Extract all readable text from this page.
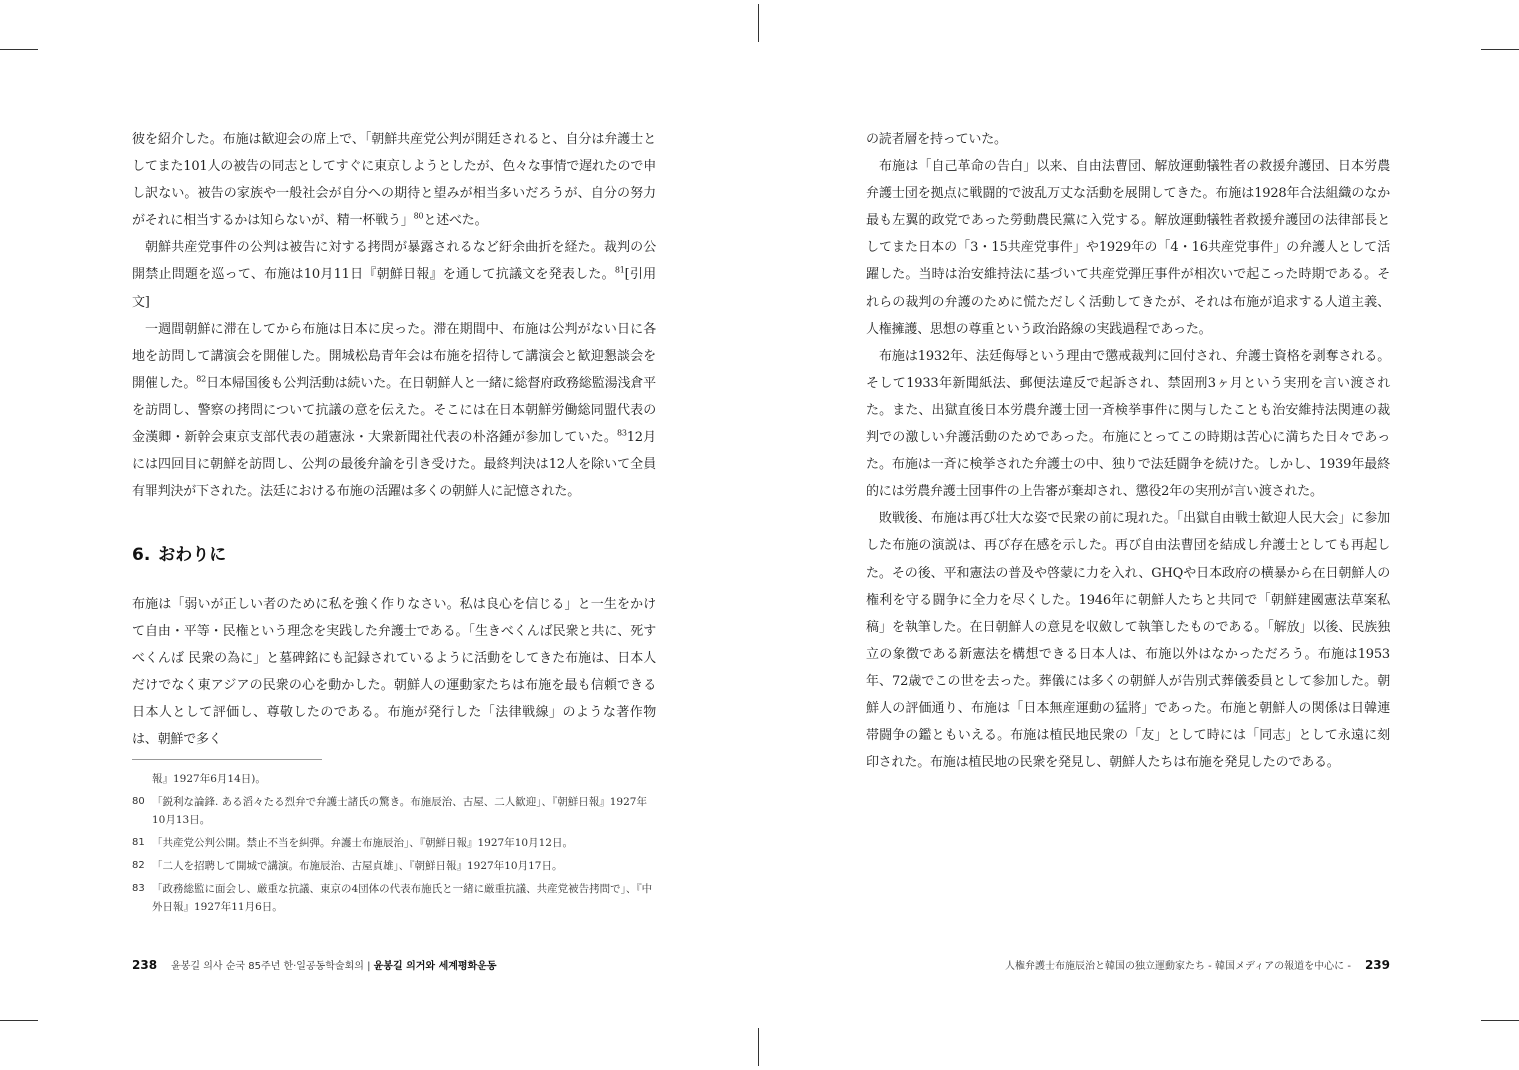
彼を紹介した。布施は歓迎会の席上で、「朝鮮共産党公判が開廷されると、自分は弁護士としてまた101人の被告の同志としてすぐに東京しようとしたが、色々な事情で遅れたので申し訳ない。被告の家族や一般社会が自分への期待と望みが相当多いだろうが、自分の努力がそれに相当するかは知らないが、精一杯戦う」$^{80}$と述べた。

朝鮮共産党事件の公判は被告に対する拷問が暴露されるなど紆余曲折を経た。裁判の公開禁止問題を巡って、布施は10月11日『朝鮮日報』を通して抗議文を発表した。$^{81}$[引用文]

一週間朝鮮に滞在してから布施は日本に戻った。滞在期間中、布施は公判がない日に各地を訪問して講演会を開催した。開城松島青年会は布施を招待して講演会と歓迎懇談会を開催した。$^{82}$日本帰国後も公判活動は続いた。在日朝鮮人と一緒に総督府政務総監湯浅倉平を訪問し、警察の拷問について抗議の意を伝えた。そこには在日本朝鮮労働総同盟代表の金漢卿・新幹会東京支部代表の趙憲泳・大衆新聞社代表の朴洛鍾が参加していた。$^{83}$12月には四回目に朝鮮を訪問し、公判の最後弁論を引き受けた。最終判決は12人を除いて全員有罪判決が下された。法廷における布施の活躍は多くの朝鮮人に記憶された。

6. おわりに

布施は「弱いが正しい者のために私を強く作りなさい。私は良心を信じる」と一生をかけて自由・平等・民権という理念を実践した弁護士である。「生きべくんば民衆と共に、死すべくんば 民衆の為に」と墓碑銘にも記録されているように活動をしてきた布施は、日本人だけでなく東アジアの民衆の心を動かした。朝鮮人の運動家たちは布施を最も信頼できる日本人として評価し、尊敬したのである。布施が発行した「法律戦線」のような著作物は、朝鮮で多く

報』1927年6月14日)。
80 「鋭利な論鋒. ある滔々たる烈弁で弁護士諸氏の驚き。布施辰治、古屋、二人歓迎」、『朝鮮日報』1927年10月13日。
81 「共産党公判公開。禁止不当を糾弾。弁護士布施辰治」、『朝鮮日報』1927年10月12日。
82 「二人を招聘して開城で講演。布施辰治、古屋貞雄」、『朝鮮日報』1927年10月17日。
83 「政務総監に面会し、厳重な抗議、東京の4団体の代表布施氏と一緒に厳重抗議、共産党被告拷問で」、『中外日報』1927年11月6日。
238 윤봉길 의사 순국 85주년 한·일공동학술회의 | 윤봉길 의거와 세계평화운동

の読者層を持っていた。

布施は「自己革命の告白」以来、自由法曹団、解放運動犠牲者の救援弁護団、日本労農弁護士団を拠点に戦闘的で波乱万丈な活動を展開してきた。布施は1928年合法組織のなか最も左翼的政党であった勞動農民黨に入党する。解放運動犠牲者救援弁護団の法律部長としてまた日本の「3・15共産党事件」や1929年の「4・16共産党事件」の弁護人として活躍した。当時は治安維持法に基づいて共産党弾圧事件が相次いで起こった時期である。それらの裁判の弁護のために慌ただしく活動してきたが、それは布施が追求する人道主義、人権擁護、思想の尊重という政治路線の実践過程であった。

布施は1932年、法廷侮辱という理由で懲戒裁判に回付され、弁護士資格を剥奪される。そして1933年新聞紙法、郵便法違反で起訴され、禁固刑3ヶ月という実刑を言い渡された。また、出獄直後日本労農弁護士団一斉検挙事件に関与したことも治安維持法関連の裁判での激しい弁護活動のためであった。布施にとってこの時期は苦心に満ちた日々であった。布施は一斉に検挙された弁護士の中、独りで法廷闘争を続けた。しかし、1939年最終的には労農弁護士団事件の上告審が棄却され、懲役2年の実刑が言い渡された。

敗戦後、布施は再び壮大な姿で民衆の前に現れた。「出獄自由戦士歓迎人民大会」に参加した布施の演説は、再び存在感を示した。再び自由法曹団を結成し弁護士としても再起した。その後、平和憲法の普及や啓蒙に力を入れ、GHQや日本政府の横暴から在日朝鮮人の権利を守る闘争に全力を尽くした。1946年に朝鮮人たちと共同で「朝鮮建國憲法草案私稿」を執筆した。在日朝鮮人の意見を収斂して執筆したものである。「解放」以後、民族独立の象徴である新憲法を構想できる日本人は、布施以外はなかっただろう。布施は1953年、72歳でこの世を去った。葬儀には多くの朝鮮人が告別式葬儀委員として参加した。朝鮮人の評価通り、布施は「日本無産運動の猛將」であった。布施と朝鮮人の関係は日韓連帯闘争の鑑ともいえる。布施は植民地民衆の「友」として時には「同志」として永遠に刻印された。布施は植民地の民衆を発見し、朝鮮人たちは布施を発見したのである。

人権弁護士布施辰治と韓国の独立運動家たち - 韓国メディアの報道を中心に - 239
